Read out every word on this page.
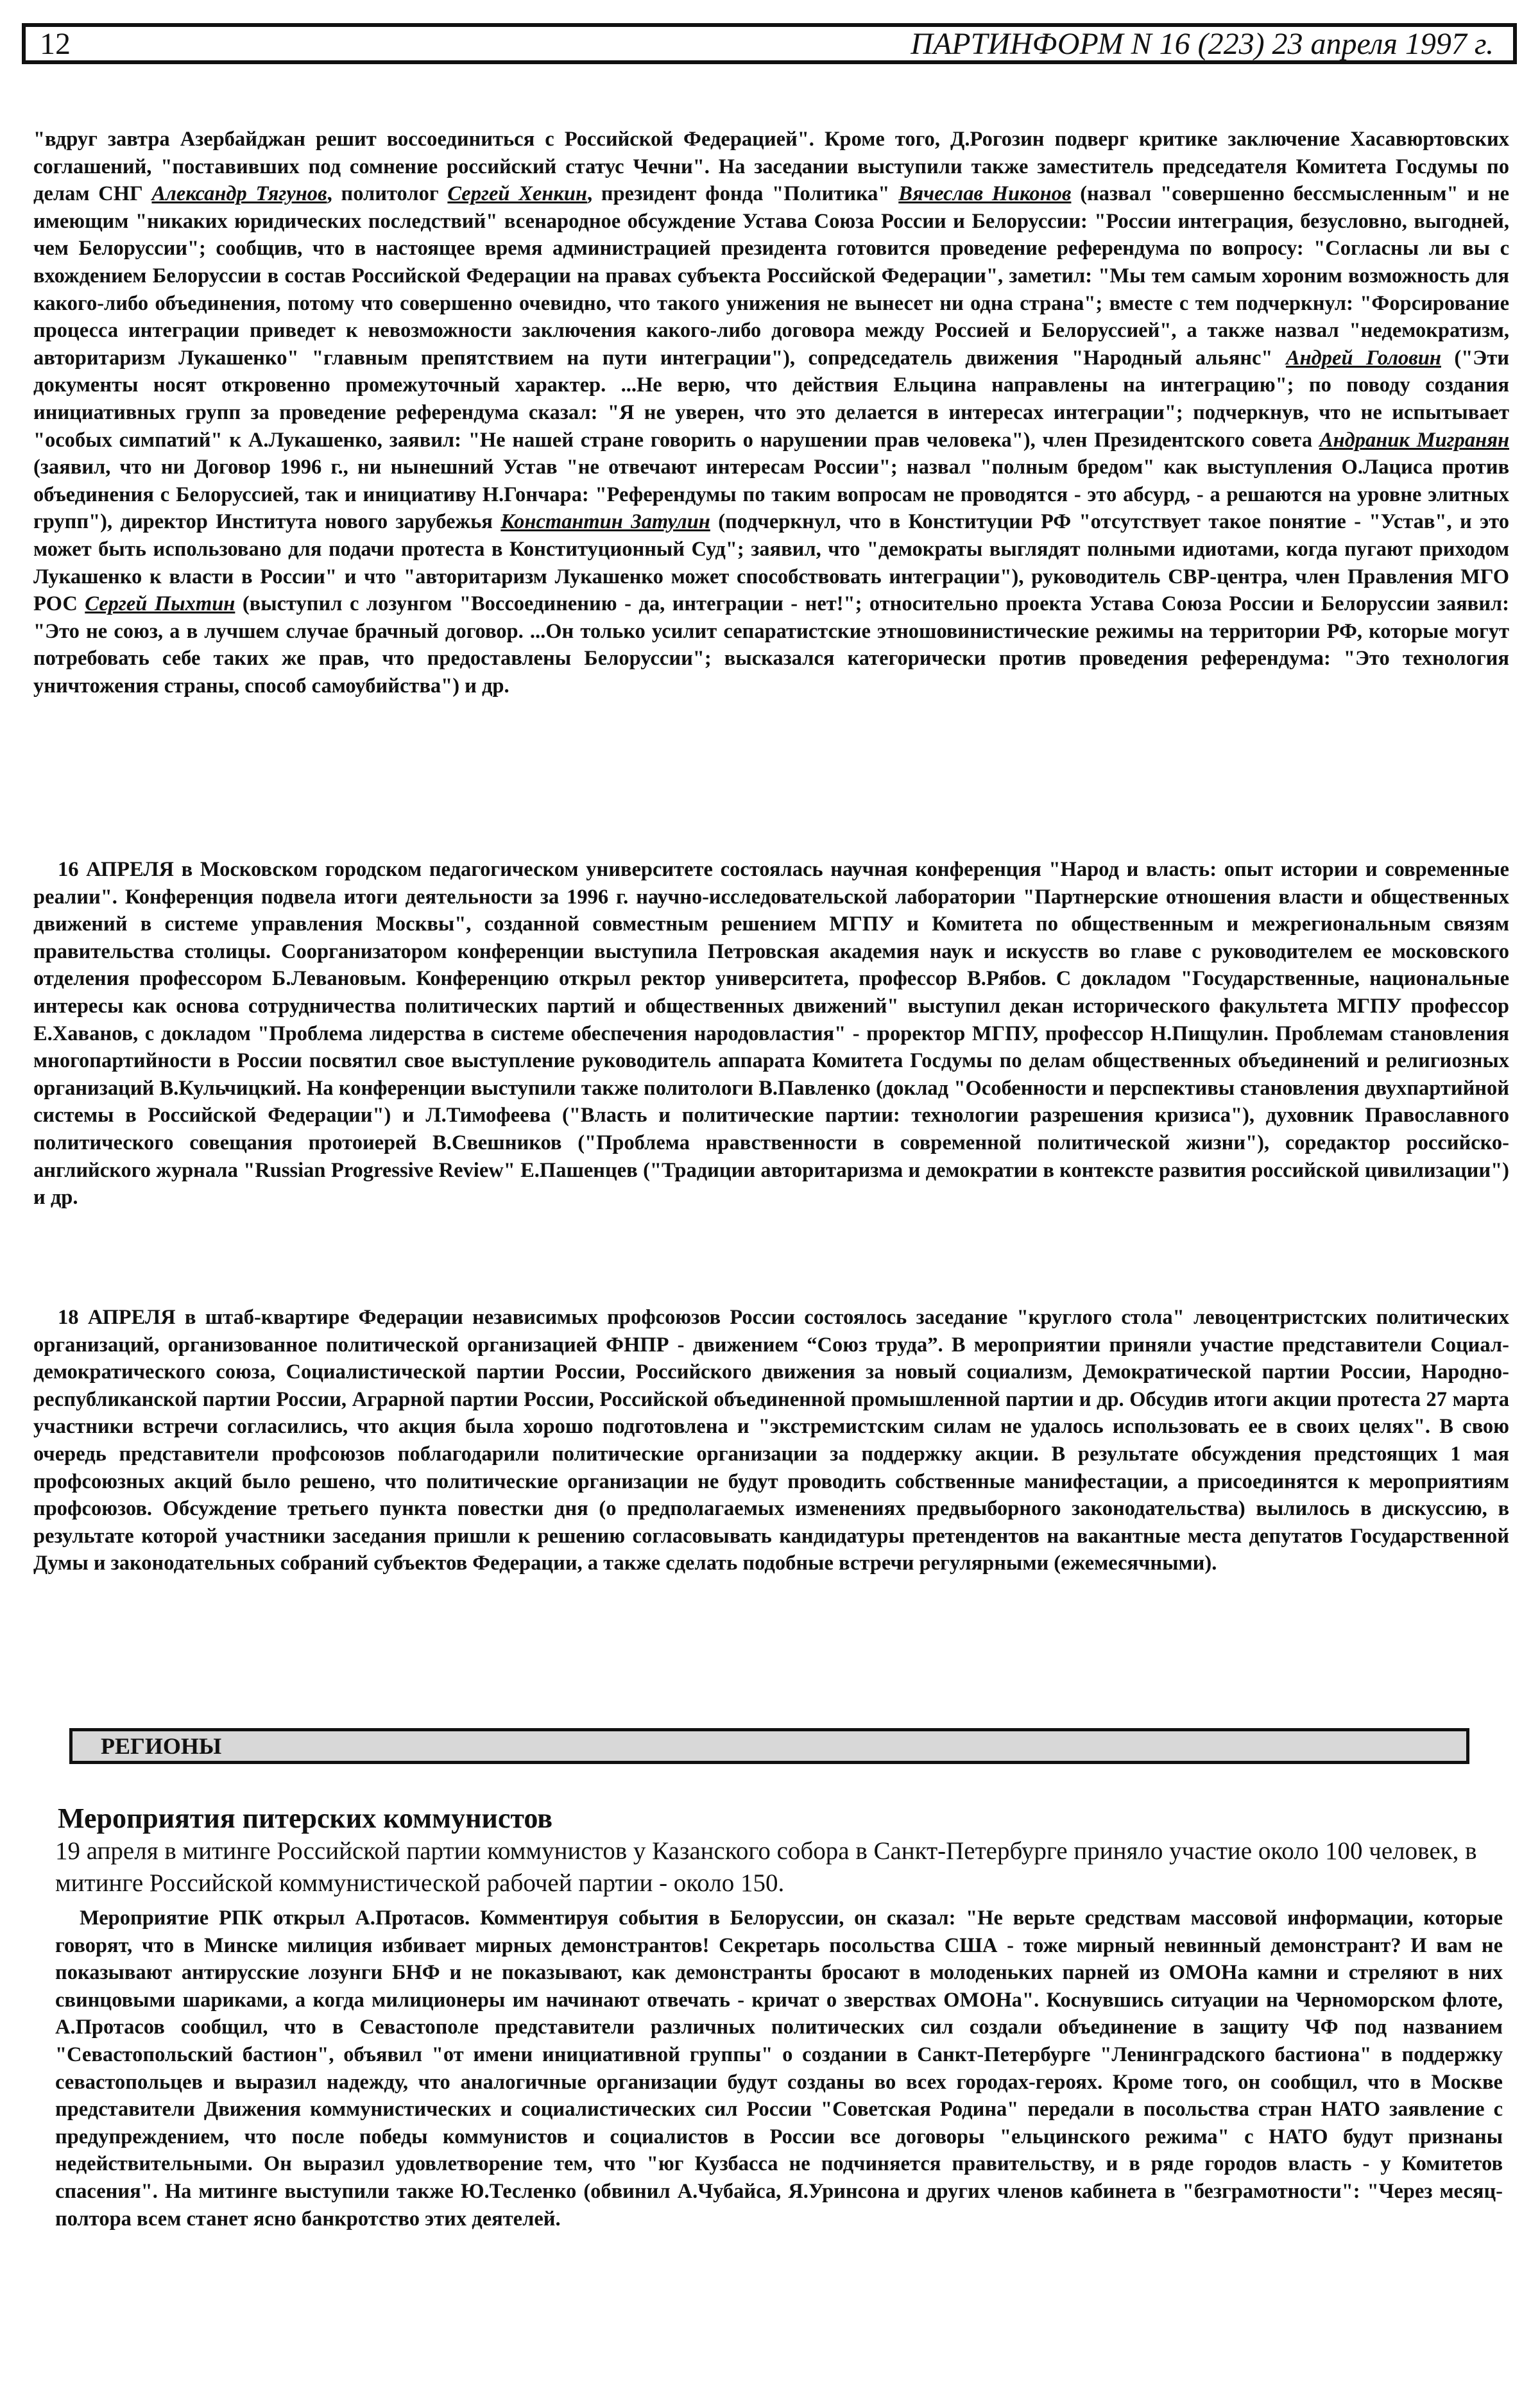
12	ПАРТИНФОРМ N 16 (223) 23 апреля 1997 г.

"вдруг завтра Азербайджан решит воссоединиться с Российской Федерацией". Кроме того, Д.Рогозин подверг критике заключение Хасавюртовских соглашений, "поставивших под сомнение российский статус Чечни". На заседании выступили также заместитель председателя Комитета Госдумы по делам СНГ Александр Тягунов, политолог Сергей Хенкин, президент фонда "Политика" Вячеслав Никонов (назвал "совершенно бессмысленным" и не имеющим "никаких юридических последствий" всенародное обсуждение Устава Союза России и Белоруссии: "России интеграция, безусловно, выгодней, чем Белоруссии"; сообщив, что в настоящее время администрацией президента готовится проведение референдума по вопросу: "Согласны ли вы с вхождением Белоруссии в состав Российской Федерации на правах субъекта Российской Федерации", заметил: "Мы тем самым хороним возможность для какого-либо объединения, потому что совершенно очевидно, что такого унижения не вынесет ни одна страна"; вместе с тем подчеркнул: "Форсирование процесса интеграции приведет к невозможности заключения какого-либо договора между Россией и Белоруссией", а также назвал "недемократизм, авторитаризм Лукашенко" "главным препятствием на пути интеграции"), сопредседатель движения "Народный альянс" Андрей Головин ("Эти документы носят откровенно промежуточный характер. ...Не верю, что действия Ельцина направлены на интеграцию"; по поводу создания инициативных групп за проведение референдума сказал: "Я не уверен, что это делается в интересах интеграции"; подчеркнув, что не испытывает "особых симпатий" к А.Лукашенко, заявил: "Не нашей стране говорить о нарушении прав человека"), член Президентского совета Андраник Мигранян (заявил, что ни Договор 1996 г., ни нынешний Устав "не отвечают интересам России"; назвал "полным бредом" как выступления О.Лациса против объединения с Белоруссией, так и инициативу Н.Гончара: "Референдумы по таким вопросам не проводятся - это абсурд, - а решаются на уровне элитных групп"), директор Института нового зарубежья Константин Затулин (подчеркнул, что в Конституции РФ "отсутствует такое понятие - "Устав", и это может быть использовано для подачи протеста в Конституционный Суд"; заявил, что "демократы выглядят полными идиотами, когда пугают приходом Лукашенко к власти в России" и что "авторитаризм Лукашенко может способствовать интеграции"), руководитель СВР-центра, член Правления МГО РОС Сергей Пыхтин (выступил с лозунгом "Воссоединению - да, интеграции - нет!"; относительно проекта Устава Союза России и Белоруссии заявил: "Это не союз, а в лучшем случае брачный договор. ...Он только усилит сепаратистские этношовинистические режимы на территории РФ, которые могут потребовать себе таких же прав, что предоставлены Белоруссии"; высказался категорически против проведения референдума: "Это технология уничтожения страны, способ самоубийства") и др.

16 АПРЕЛЯ в Московском городском педагогическом университете состоялась научная конференция "Народ и власть: опыт истории и современные реалии". Конференция подвела итоги деятельности за 1996 г. научно-исследовательской лаборатории "Партнерские отношения власти и общественных движений в системе управления Москвы", созданной совместным решением МГПУ и Комитета по общественным и межрегиональным связям правительства столицы. Соорганизатором конференции выступила Петровская академия наук и искусств во главе с руководителем ее московского отделения профессором Б.Левановым. Конференцию открыл ректор университета, профессор В.Рябов. С докладом "Государственные, национальные интересы как основа сотрудничества политических партий и общественных движений" выступил декан исторического факультета МГПУ профессор Е.Хаванов, с докладом "Проблема лидерства в системе обеспечения народовластия" - проректор МГПУ, профессор Н.Пищулин. Проблемам становления многопартийности в России посвятил свое выступление руководитель аппарата Комитета Госдумы по делам общественных объединений и религиозных организаций В.Кульчицкий. На конференции выступили также политологи В.Павленко (доклад "Особенности и перспективы становления двухпартийной системы в Российской Федерации") и Л.Тимофеева ("Власть и политические партии: технологии разрешения кризиса"), духовник Православного политического совещания протоиерей В.Свешников ("Проблема нравственности в современной политической жизни"), соредактор российско-английского журнала "Russian Progressive Review" Е.Пашенцев ("Традиции авторитаризма и демократии в контексте развития российской цивилизации") и др.

18 АПРЕЛЯ в штаб-квартире Федерации независимых профсоюзов России состоялось заседание "круглого стола" левоцентристских политических организаций, организованное политической организацией ФНПР - движением “Союз труда”. В мероприятии приняли участие представители Социал-демократического союза, Социалистической партии России, Российского движения за новый социализм, Демократической партии России, Народно-республиканской партии России, Аграрной партии России, Российской объединенной промышленной партии и др. Обсудив итоги акции протеста 27 марта участники встречи согласились, что акция была хорошо подготовлена и "экстремистским силам не удалось использовать ее в своих целях". В свою очередь представители профсоюзов поблагодарили политические организации за поддержку акции. В результате обсуждения предстоящих 1 мая профсоюзных акций было решено, что политические организации не будут проводить собственные манифестации, а присоединятся к мероприятиям профсоюзов. Обсуждение третьего пункта повестки дня (о предполагаемых изменениях предвыборного законодательства) вылилось в дискуссию, в результате которой участники заседания пришли к решению согласовывать кандидатуры претендентов на вакантные места депутатов Государственной Думы и законодательных собраний субъектов Федерации, а также сделать подобные встречи регулярными (ежемесячными).

РЕГИОНЫ
Мероприятия питерских коммунистов
19 апреля в митинге Российской партии коммунистов у Казанского собора в Санкт-Петербурге приняло участие около 100 человек, в митинге Российской коммунистической рабочей партии - около 150.

Мероприятие РПК открыл А.Протасов. Комментируя события в Белоруссии, он сказал: "Не верьте средствам массовой информации, которые говорят, что в Минске милиция избивает мирных демонстрантов! Секретарь посольства США - тоже мирный невинный демонстрант? И вам не показывают антирусские лозунги БНФ и не показывают, как демонстранты бросают в молоденьких парней из ОМОНа камни и стреляют в них свинцовыми шариками, а когда милиционеры им начинают отвечать - кричат о зверствах ОМОНа". Коснувшись ситуации на Черноморском флоте, А.Протасов сообщил, что в Севастополе представители различных политических сил создали объединение в защиту ЧФ под названием "Севастопольский бастион", объявил "от имени инициативной группы" о создании в Санкт-Петербурге "Ленинградского бастиона" в поддержку севастопольцев и выразил надежду, что аналогичные организации будут созданы во всех городах-героях. Кроме того, он сообщил, что в Москве представители Движения коммунистических и социалистических сил России "Советская Родина" передали в посольства стран НАТО заявление с предупреждением, что после победы коммунистов и социалистов в России все договоры "ельцинского режима" с НАТО будут признаны недействительными. Он выразил удовлетворение тем, что "юг Кузбасса не подчиняется правительству, и в ряде городов власть - у Комитетов спасения". На митинге выступили также Ю.Тесленко (обвинил А.Чубайса, Я.Уринсона и других членов кабинета в "безграмотности": "Через месяц-полтора всем станет ясно банкротство этих деятелей.
